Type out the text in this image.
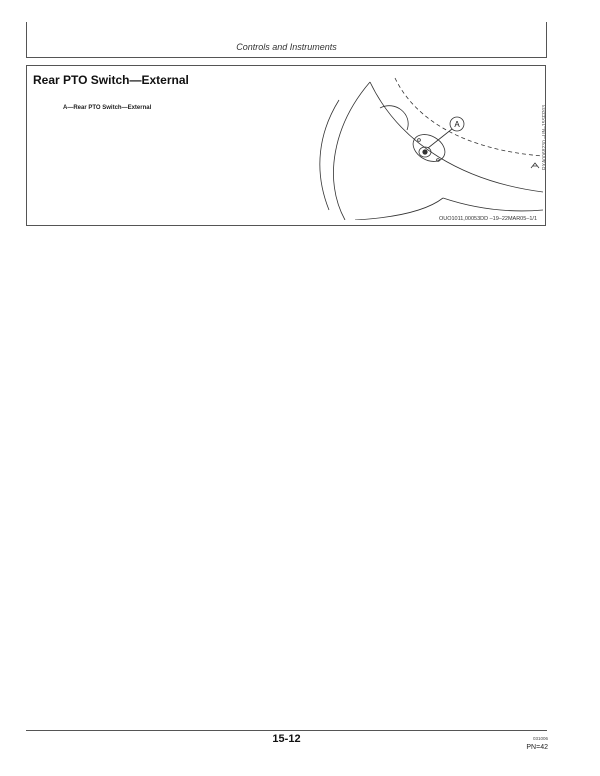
Controls and Instruments
Rear PTO Switch—External
A—Rear PTO Switch—External
A	RXA0068230 –UN–15SEP03
OUO1011,00053DD –19–22MAR05–1/1
15-12	031006
PN=42
